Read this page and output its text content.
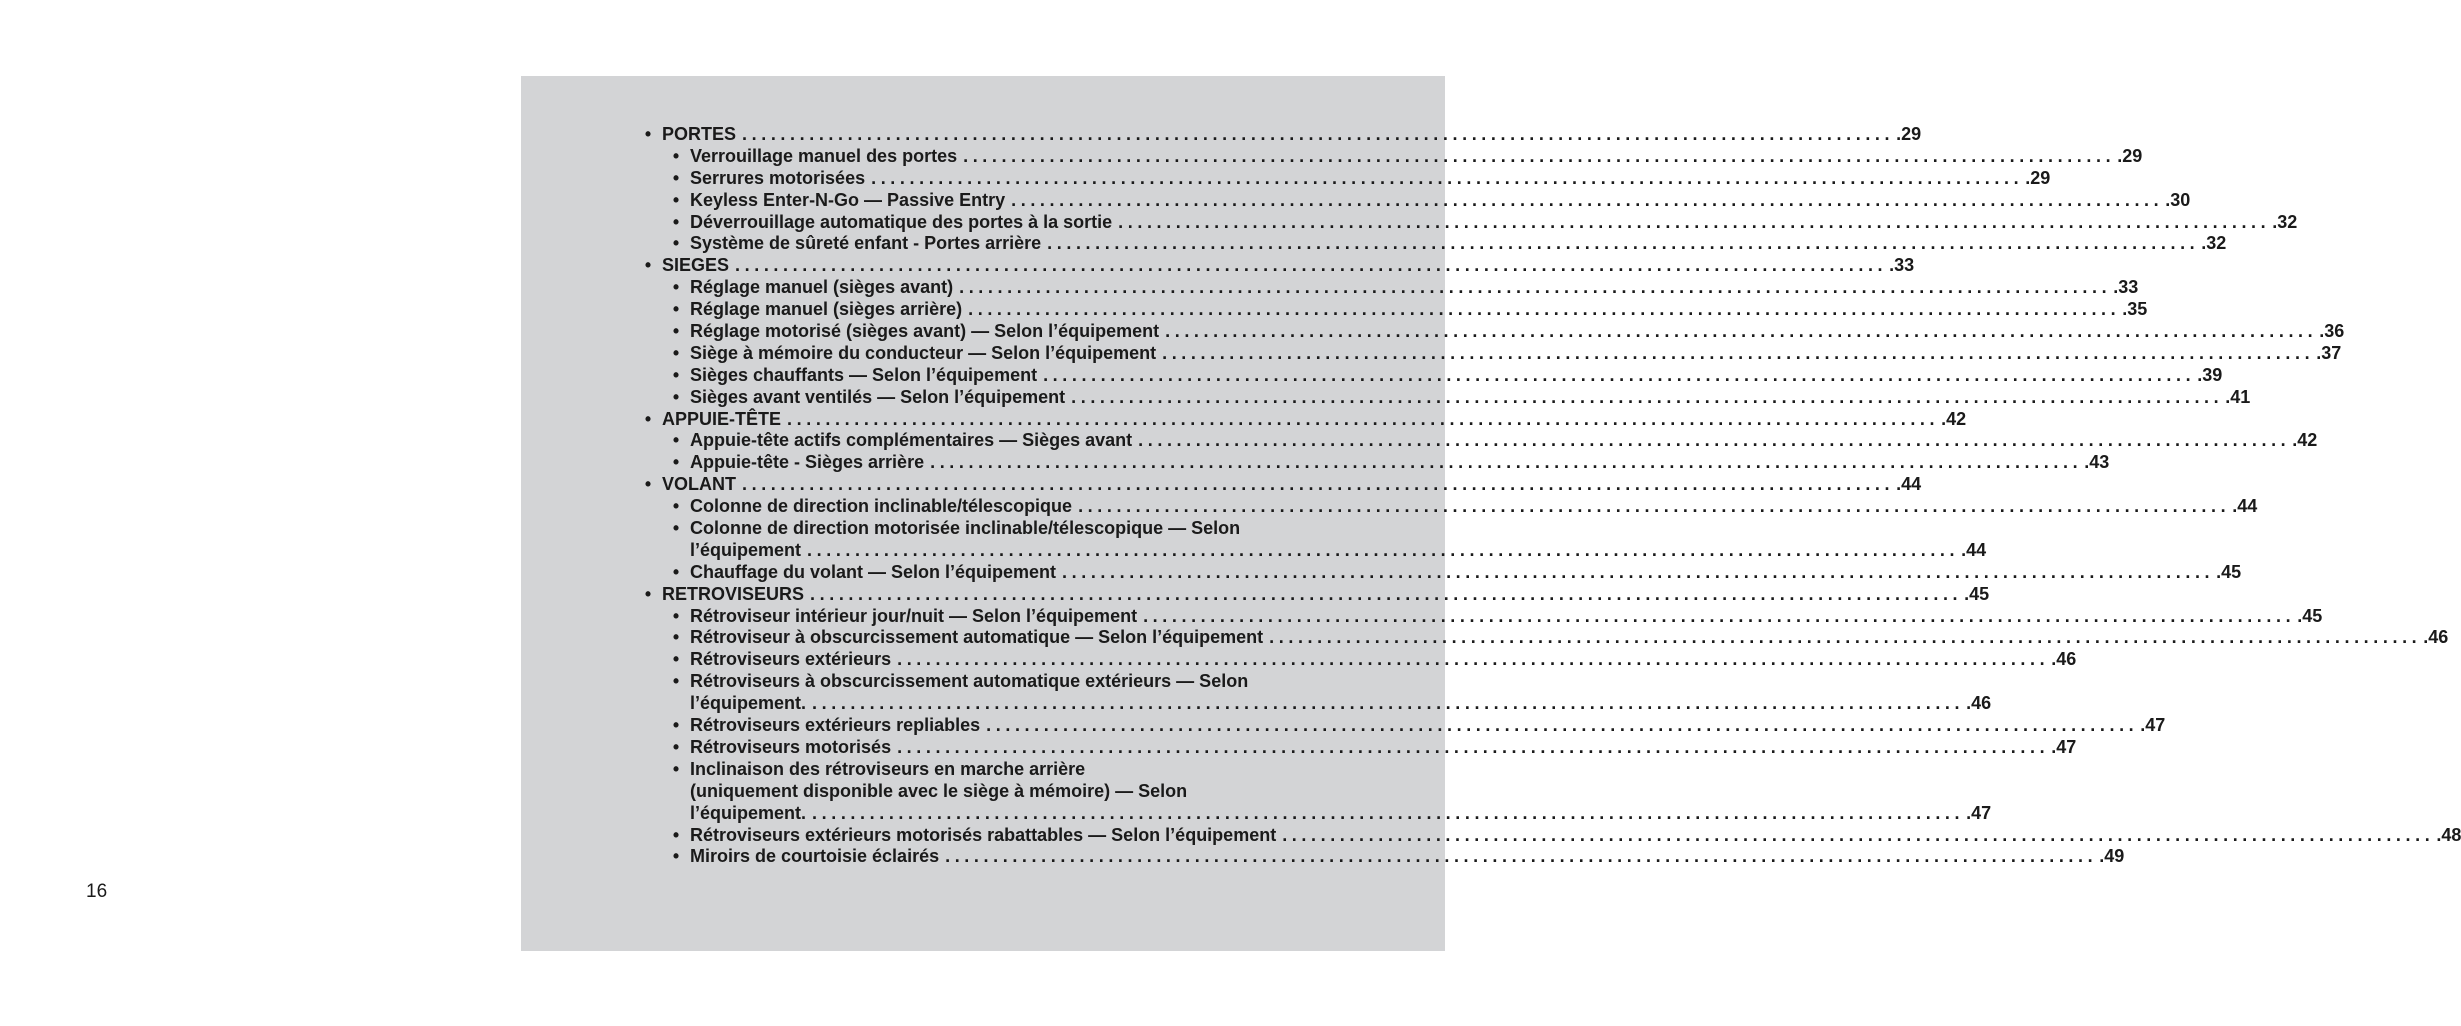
• PORTES ........................................................................................................................ .29
• Verrouillage manuel des portes ........................................................................................................................ .29
• Serrures motorisées ........................................................................................................................ .29
• Keyless Enter-N-Go — Passive Entry ........................................................................................................................ .30
• Déverrouillage automatique des portes à la sortie ........................................................................................................................ .32
• Système de sûreté enfant - Portes arrière ........................................................................................................................ .32
• SIEGES ........................................................................................................................ .33
• Réglage manuel (sièges avant) ........................................................................................................................ .33
• Réglage manuel (sièges arrière) ........................................................................................................................ .35
• Réglage motorisé (sièges avant) — Selon l’équipement ........................................................................................................................ .36
• Siège à mémoire du conducteur — Selon l’équipement ........................................................................................................................ .37
• Sièges chauffants — Selon l’équipement ........................................................................................................................ .39
• Sièges avant ventilés — Selon l’équipement ........................................................................................................................ .41
• APPUIE-TÊTE ........................................................................................................................ .42
• Appuie-tête actifs complémentaires — Sièges avant ........................................................................................................................ .42
• Appuie-tête - Sièges arrière ........................................................................................................................ .43
• VOLANT ........................................................................................................................ .44
• Colonne de direction inclinable/télescopique ........................................................................................................................ .44
• Colonne de direction motorisée inclinable/télescopique — Selon
l’équipement ........................................................................................................................ .44
• Chauffage du volant — Selon l’équipement ........................................................................................................................ .45
• RETROVISEURS ........................................................................................................................ .45
• Rétroviseur intérieur jour/nuit — Selon l’équipement ........................................................................................................................ .45
• Rétroviseur à obscurcissement automatique — Selon l’équipement ........................................................................................................................ .46
• Rétroviseurs extérieurs ........................................................................................................................ .46
• Rétroviseurs à obscurcissement automatique extérieurs — Selon
l’équipement. ........................................................................................................................ .46
• Rétroviseurs extérieurs repliables ........................................................................................................................ .47
• Rétroviseurs motorisés ........................................................................................................................ .47
• Inclinaison des rétroviseurs en marche arrière
(uniquement disponible avec le siège à mémoire) — Selon
l’équipement. ........................................................................................................................ .47
• Rétroviseurs extérieurs motorisés rabattables — Selon l’équipement ........................................................................................................................ .48
• Miroirs de courtoisie éclairés ........................................................................................................................ .49
16
